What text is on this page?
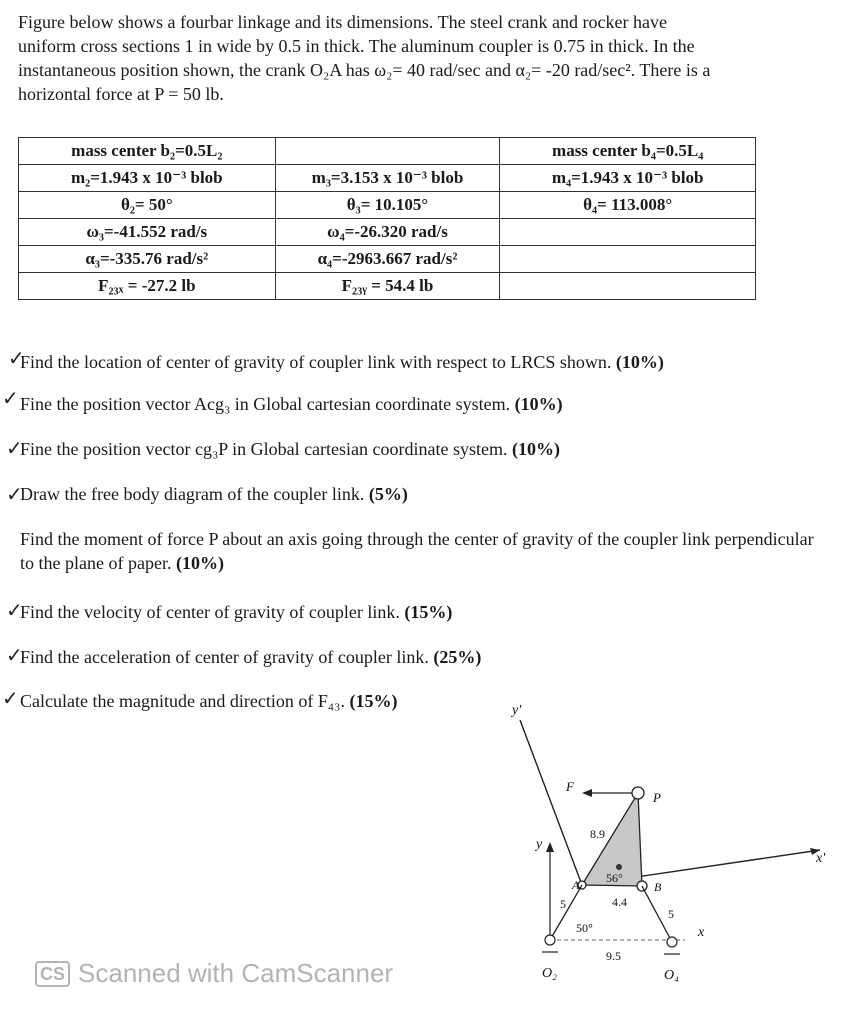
Figure below shows a fourbar linkage and its dimensions. The steel crank and rocker have

uniform cross sections 1 in wide by 0.5 in thick. The aluminum coupler is 0.75 in thick. In the

instantaneous position shown, the crank O₂A has ω₂= 40 rad/sec and α₂= -20 rad/sec². There is a

horizontal force at P = 50 lb.

mass center b₂=0.5L₂		mass center b₄=0.5L₄
m₂=1.943 x 10⁻³ blob	m₃=3.153 x 10⁻³ blob	m₄=1.943 x 10⁻³ blob
θ₂= 50°	θ₃= 10.105°	θ₄= 113.008°
ω₃=-41.552 rad/s	ω₄=-26.320 rad/s	
α₃=-335.76 rad/s²	α₄=-2963.667 rad/s²	
F₂₃ₓ = -27.2 lb	F₂₃ᵧ = 54.4 lb	
✓
Find the location of center of gravity of coupler link with respect to LRCS shown. (10%)
✓ Fine the position vector Acg₃ in Global cartesian coordinate system. (10%)
✓
Fine the position vector cg₃P in Global cartesian coordinate system. (10%)
✓
Draw the free body diagram of the coupler link. (5%)
Find the moment of force P about an axis going through the center of gravity of the coupler link perpendicular to the plane of paper. (10%)
✓
Find the velocity of center of gravity of coupler link. (15%)
✓
Find the acceleration of center of gravity of coupler link. (25%)
✓ Calculate the magnitude and direction of F₄₃. (15%)	y'
x'
y
x
F
P
A	B
8.9
56°
4.4
5
5
50°
9.5
O₂	O₄
CS Scanned with CamScanner
